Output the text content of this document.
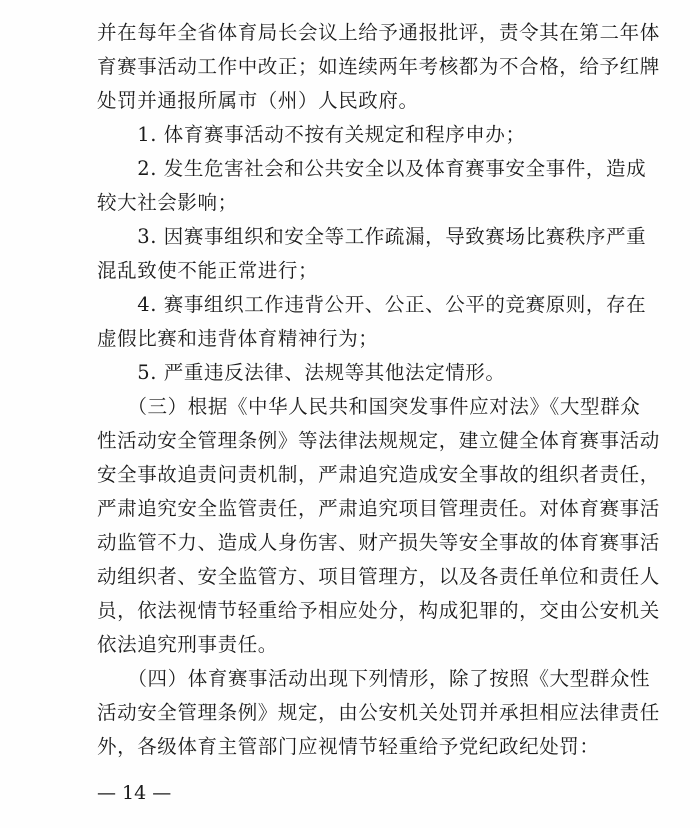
并在每年全省体育局长会议上给予通报批评，责令其在第二年体
育赛事活动工作中改正；如连续两年考核都为不合格，给予红牌
处罚并通报所属市（州）人民政府。
　　1. 体育赛事活动不按有关规定和程序申办；
　　2. 发生危害社会和公共安全以及体育赛事安全事件，造成
较大社会影响；
　　3. 因赛事组织和安全等工作疏漏，导致赛场比赛秩序严重
混乱致使不能正常进行；
　　4. 赛事组织工作违背公开、公正、公平的竞赛原则，存在
虚假比赛和违背体育精神行为；
　　5. 严重违反法律、法规等其他法定情形。
　　（三）根据《中华人民共和国突发事件应对法》《大型群众
性活动安全管理条例》等法律法规规定，建立健全体育赛事活动
安全事故追责问责机制，严肃追究造成安全事故的组织者责任，
严肃追究安全监管责任，严肃追究项目管理责任。对体育赛事活
动监管不力、造成人身伤害、财产损失等安全事故的体育赛事活
动组织者、安全监管方、项目管理方，以及各责任单位和责任人
员，依法视情节轻重给予相应处分，构成犯罪的，交由公安机关
依法追究刑事责任。
　　（四）体育赛事活动出现下列情形，除了按照《大型群众性
活动安全管理条例》规定，由公安机关处罚并承担相应法律责任
外，各级体育主管部门应视情节轻重给予党纪政纪处罚：
— 14 —
